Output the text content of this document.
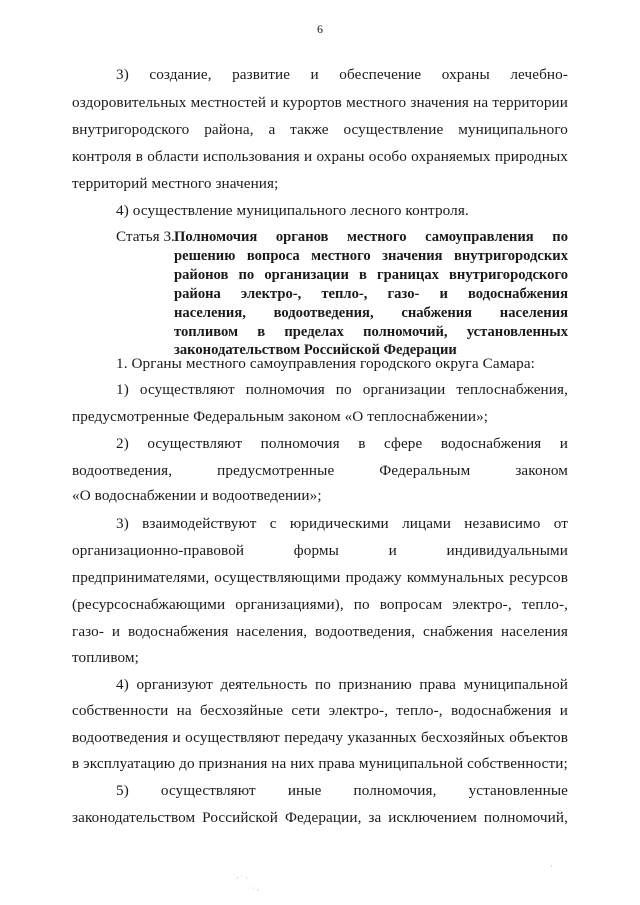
6
3) создание, развитие и обеспечение охраны лечебно-
оздоровительных местностей и курортов местного значения на территории
внутригородского района, а также осуществление муниципального
контроля в области использования и охраны особо охраняемых природных
территорий местного значения;
4) осуществление муниципального лесного контроля.
Статья 3. Полномочия органов местного самоуправления по
решению вопроса местного значения внутригородских
районов по организации в границах внутригородского
района электро-, тепло-, газо- и водоснабжения
населения, водоотведения, снабжения населения
топливом в пределах полномочий, установленных
законодательством Российской Федерации
1. Органы местного самоуправления городского округа Самара:
1) осуществляют полномочия по организации теплоснабжения,
предусмотренные Федеральным законом «О теплоснабжении»;
2) осуществляют полномочия в сфере водоснабжения и
водоотведения, предусмотренные Федеральным законом
«О водоснабжении и водоотведении»;
3) взаимодействуют с юридическими лицами независимо от
организационно-правовой формы и индивидуальными
предпринимателями, осуществляющими продажу коммунальных ресурсов
(ресурсоснабжающими организациями), по вопросам электро-, тепло-,
газо- и водоснабжения населения, водоотведения, снабжения населения
топливом;
4) организуют деятельность по признанию права муниципальной
собственности на бесхозяйные сети электро-, тепло-, водоснабжения и
водоотведения и осуществляют передачу указанных бесхозяйных объектов
в эксплуатацию до признания на них права муниципальной собственности;
5) осуществляют иные полномочия, установленные
законодательством Российской Федерации, за исключением полномочий,
· ˙ ·
˙ ·
·
